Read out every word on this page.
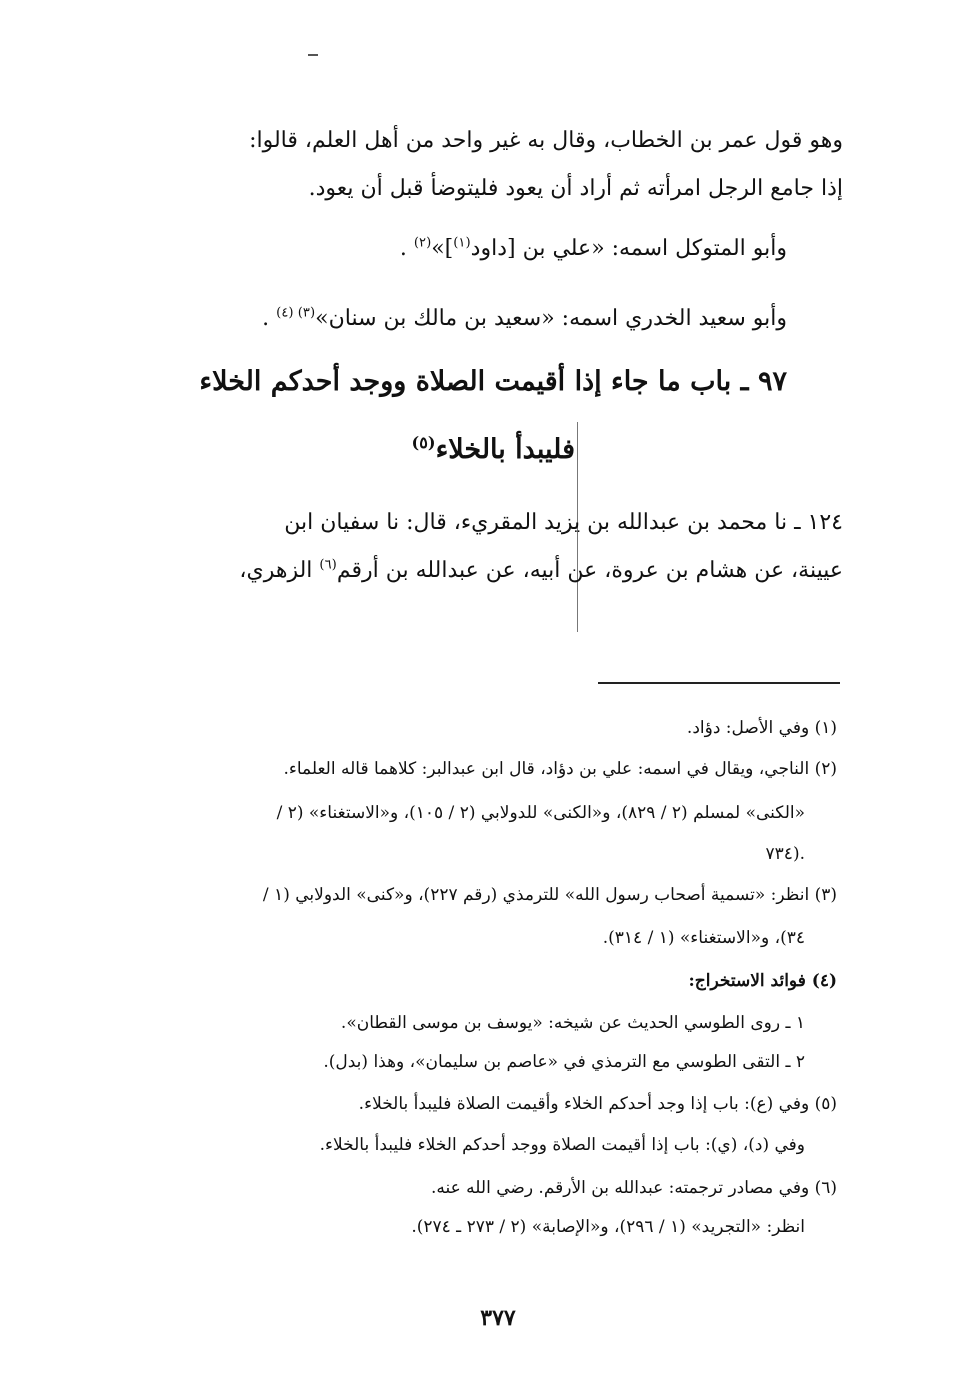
وهو قول عمر بن الخطاب، وقال به غير واحد من أهل العلم، قالوا:
إذا جامع الرجل امرأته ثم أراد أن يعود فليتوضأ قبل أن يعود.
وأبو المتوكل اسمه: «علي بن [داود$^{(١)}$]»$^{(٢)}$ .
وأبو سعيد الخدري اسمه: «سعيد بن مالك بن سنان»$^{(٣) (٤)}$ .
٩٧ ـ باب ما جاء إذا أقيمت الصلاة ووجد أحدكم الخلاء
فليبدأ بالخلاء$^{(٥)}$
١٢٤ ـ نا محمد بن عبدالله بن يزيد المقريء، قال: نا سفيان ابن
عيينة، عن هشام بن عروة، عن أبيه، عن عبدالله بن أرقم$^{(٦)}$ الزهري،
(١) وفي الأصل: دؤاد.
(٢) الناجي، ويقال في اسمه: علي بن دؤاد، قال ابن عبدالبر: كلاهما قاله العلماء.
«الكنى» لمسلم (٢ / ٨٢٩)، و«الكنى» للدولابي (٢ / ١٠٥)، و«الاستغناء» (٢ /
٧٣٤).
(٣) انظر: «تسمية أصحاب رسول الله» للترمذي (رقم ٢٢٧)، و«كنى» الدولابي (١ /
٣٤)، و«الاستغناء» (١ / ٣١٤).
(٤) فوائد الاستخراج:
١ ـ روى الطوسي الحديث عن شيخه: «يوسف بن موسى القطان».
٢ ـ التقى الطوسي مع الترمذي في «عاصم بن سليمان»، وهذا (بدل).
(٥) وفي (ع): باب إذا وجد أحدكم الخلاء وأقيمت الصلاة فليبدأ بالخلاء.
وفي (د)، (ي): باب إذا أقيمت الصلاة ووجد أحدكم الخلاء فليبدأ بالخلاء.
(٦) وفي مصادر ترجمته: عبدالله بن الأرقم. رضي الله عنه.
انظر: «التجريد» (١ / ٢٩٦)، و«الإصابة» (٢ / ٢٧٣ ـ ٢٧٤).
٣٧٧
